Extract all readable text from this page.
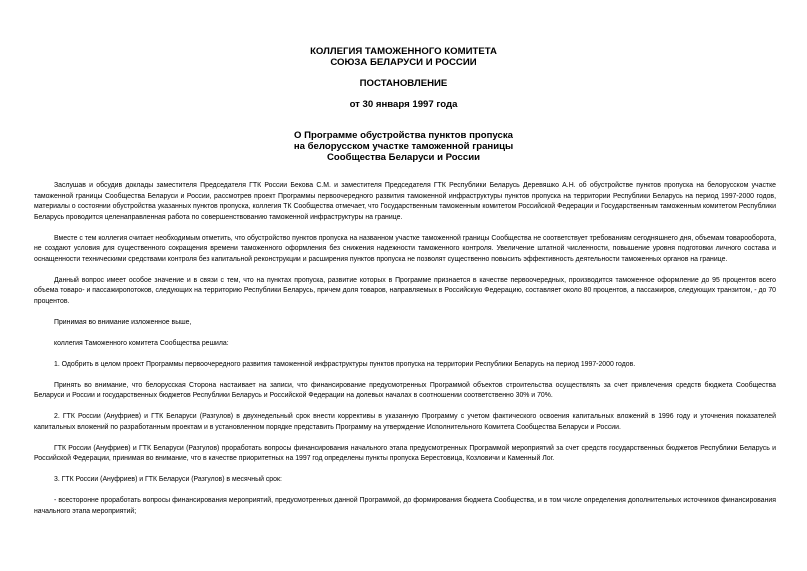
КОЛЛЕГИЯ ТАМОЖЕННОГО КОМИТЕТА
СОЮЗА БЕЛАРУСИ И РОССИИ
ПОСТАНОВЛЕНИЕ
от 30 января 1997 года
О Программе обустройства пунктов пропуска
на белорусском участке таможенной границы
Сообщества Беларуси и России

Заслушав и обсудив доклады заместителя Председателя ГТК России Бекова С.М. и заместителя Председателя ГТК Республики Беларусь Деревяшко А.Н. об обустройстве пунктов пропуска на белорусском участке таможенной границы Сообщества Беларуси и России, рассмотрев проект Программы первоочередного развития таможенной инфраструктуры пунктов пропуска на территории Республики Беларусь на период 1997-2000 годов, материалы о состоянии обустройства указанных пунктов пропуска, коллегия ТК Сообщества отмечает, что Государственным таможенным комитетом Российской Федерации и Государственным таможенным комитетом Республики Беларусь проводится целенаправленная работа по совершенствованию таможенной инфраструктуры на границе.

Вместе с тем коллегия считает необходимым отметить, что обустройство пунктов пропуска на названном участке таможенной границы Сообщества не соответствует требованиям сегодняшнего дня, объемам товарооборота, не создают условия для существенного сокращения времени таможенного оформления без снижения надежности таможенного контроля. Увеличение штатной численности, повышение уровня подготовки личного состава и оснащенности техническими средствами контроля без капитальной реконструкции и расширения пунктов пропуска не позволят существенно повысить эффективность деятельности таможенных органов на границе.

Данный вопрос имеет особое значение и в связи с тем, что на пунктах пропуска, развитие которых в Программе признается в качестве первоочередных, производится таможенное оформление до 95 процентов всего объема товаро- и пассажиропотоков, следующих на территорию Республики Беларусь, причем доля товаров, направляемых в Российскую Федерацию, составляет около 80 процентов, а пассажиров, следующих транзитом, - до 70 процентов.

Принимая во внимание изложенное выше,

коллегия Таможенного комитета Сообщества решила:

1. Одобрить в целом проект Программы первоочередного развития таможенной инфраструктуры пунктов пропуска на территории Республики Беларусь на период 1997-2000 годов.

Принять во внимание, что белорусская Сторона настаивает на записи, что финансирование предусмотренных Программой объектов строительства осуществлять за счет привлечения средств бюджета Сообщества Беларуси и России и государственных бюджетов Республики Беларусь и Российской Федерации на долевых началах в соотношении соответственно 30% и 70%.

2. ГТК России (Ануфриев) и ГТК Беларуси (Разгулов) в двухнедельный срок внести коррективы в указанную Программу с учетом фактического освоения капитальных вложений в 1996 году и уточнения показателей капитальных вложений по разработанным проектам и в установленном порядке представить Программу на утверждение Исполнительного Комитета Сообщества Беларуси и России.

ГТК России (Ануфриев) и ГТК Беларуси (Разгулов) проработать вопросы финансирования начального этапа предусмотренных Программой мероприятий за счет средств государственных бюджетов Республики Беларусь и Российской Федерации, принимая во внимание, что в качестве приоритетных на 1997 год определены пункты пропуска Берестовица, Козловичи и Каменный Лог.

3. ГТК России (Ануфриев) и ГТК Беларуси (Разгулов) в месячный срок:

- всесторонне проработать вопросы финансирования мероприятий, предусмотренных данной Программой, до формирования бюджета Сообщества, и в том числе определения дополнительных источников финансирования начального этапа мероприятий;
